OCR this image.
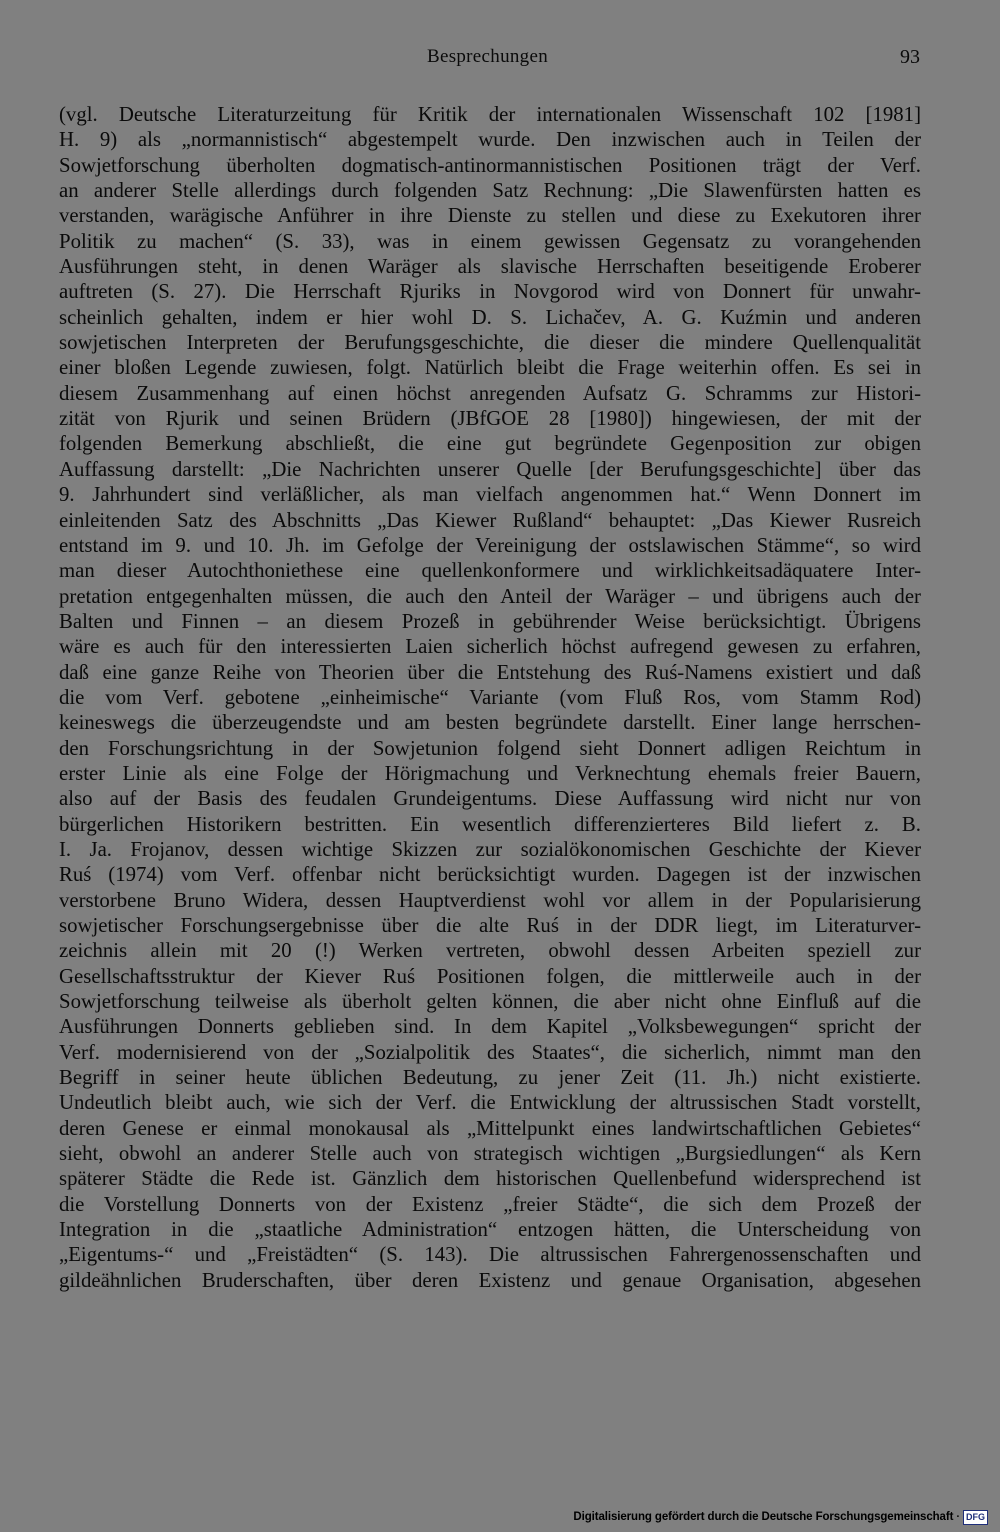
Besprechungen	93
(vgl. Deutsche Literaturzeitung für Kritik der internationalen Wissenschaft 102 [1981]
H. 9) als „normannistisch“ abgestempelt wurde. Den inzwischen auch in Teilen der
Sowjetforschung überholten dogmatisch-antinormannistischen Positionen trägt der Verf.
an anderer Stelle allerdings durch folgenden Satz Rechnung: „Die Slawenfürsten hatten es
verstanden, warägische Anführer in ihre Dienste zu stellen und diese zu Exekutoren ihrer
Politik zu machen“ (S. 33), was in einem gewissen Gegensatz zu vorangehenden
Ausführungen steht, in denen Waräger als slavische Herrschaften beseitigende Eroberer
auftreten (S. 27). Die Herrschaft Rjuriks in Novgorod wird von Donnert für unwahr-
scheinlich gehalten, indem er hier wohl D. S. Lichačev, A. G. Kuźmin und anderen
sowjetischen Interpreten der Berufungsgeschichte, die dieser die mindere Quellenqualität
einer bloßen Legende zuwiesen, folgt. Natürlich bleibt die Frage weiterhin offen. Es sei in
diesem Zusammenhang auf einen höchst anregenden Aufsatz G. Schramms zur Histori-
zität von Rjurik und seinen Brüdern (JBfGOE 28 [1980]) hingewiesen, der mit der
folgenden Bemerkung abschließt, die eine gut begründete Gegenposition zur obigen
Auffassung darstellt: „Die Nachrichten unserer Quelle [der Berufungsgeschichte] über das
9. Jahrhundert sind verläßlicher, als man vielfach angenommen hat.“ Wenn Donnert im
einleitenden Satz des Abschnitts „Das Kiewer Rußland“ behauptet: „Das Kiewer Rusreich
entstand im 9. und 10. Jh. im Gefolge der Vereinigung der ostslawischen Stämme“, so wird
man dieser Autochthoniethese eine quellenkonformere und wirklichkeitsadäquatere Inter-
pretation entgegenhalten müssen, die auch den Anteil der Waräger – und übrigens auch der
Balten und Finnen – an diesem Prozeß in gebührender Weise berücksichtigt. Übrigens
wäre es auch für den interessierten Laien sicherlich höchst aufregend gewesen zu erfahren,
daß eine ganze Reihe von Theorien über die Entstehung des Ruś-Namens existiert und daß
die vom Verf. gebotene „einheimische“ Variante (vom Fluß Ros, vom Stamm Rod)
keineswegs die überzeugendste und am besten begründete darstellt. Einer lange herrschen-
den Forschungsrichtung in der Sowjetunion folgend sieht Donnert adligen Reichtum in
erster Linie als eine Folge der Hörigmachung und Verknechtung ehemals freier Bauern,
also auf der Basis des feudalen Grundeigentums. Diese Auffassung wird nicht nur von
bürgerlichen Historikern bestritten. Ein wesentlich differenzierteres Bild liefert z. B.
I. Ja. Frojanov, dessen wichtige Skizzen zur sozialökonomischen Geschichte der Kiever
Ruś (1974) vom Verf. offenbar nicht berücksichtigt wurden. Dagegen ist der inzwischen
verstorbene Bruno Widera, dessen Hauptverdienst wohl vor allem in der Popularisierung
sowjetischer Forschungsergebnisse über die alte Ruś in der DDR liegt, im Literaturver-
zeichnis allein mit 20 (!) Werken vertreten, obwohl dessen Arbeiten speziell zur
Gesellschaftsstruktur der Kiever Ruś Positionen folgen, die mittlerweile auch in der
Sowjetforschung teilweise als überholt gelten können, die aber nicht ohne Einfluß auf die
Ausführungen Donnerts geblieben sind. In dem Kapitel „Volksbewegungen“ spricht der
Verf. modernisierend von der „Sozialpolitik des Staates“, die sicherlich, nimmt man den
Begriff in seiner heute üblichen Bedeutung, zu jener Zeit (11. Jh.) nicht existierte.
Undeutlich bleibt auch, wie sich der Verf. die Entwicklung der altrussischen Stadt vorstellt,
deren Genese er einmal monokausal als „Mittelpunkt eines landwirtschaftlichen Gebietes“
sieht, obwohl an anderer Stelle auch von strategisch wichtigen „Burgsiedlungen“ als Kern
späterer Städte die Rede ist. Gänzlich dem historischen Quellenbefund widersprechend ist
die Vorstellung Donnerts von der Existenz „freier Städte“, die sich dem Prozeß der
Integration in die „staatliche Administration“ entzogen hätten, die Unterscheidung von
„Eigentums-“ und „Freistädten“ (S. 143). Die altrussischen Fahrergenossenschaften und
gildeähnlichen Bruderschaften, über deren Existenz und genaue Organisation, abgesehen
Digitalisierung gefördert durch die Deutsche Forschungsgemeinschaft · DFG
